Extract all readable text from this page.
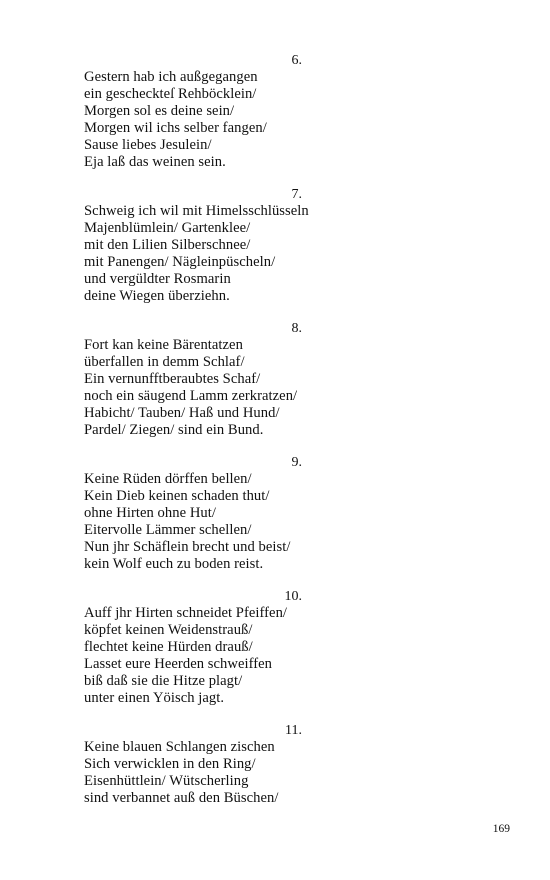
6.
Gestern hab ich außgegangen
ein gescheckteſ Rehböcklein/
Morgen sol es deine sein/
Morgen wil ichs selber fangen/
Sause liebes Jesulein/
Eja laß das weinen sein.
7.
Schweig ich wil mit Himelsschlüsseln
Majenblümlein/ Gartenklee/
mit den Lilien Silberschnee/
mit Panengen/ Nägleinpüscheln/
und vergüldter Rosmarin
deine Wiegen überziehn.
8.
Fort kan keine Bärentatzen
überfallen in demm Schlaf/
Ein vernunfftberaubtes Schaf/
noch ein säugend Lamm zerkratzen/
Habicht/ Tauben/ Haß und Hund/
Pardel/ Ziegen/ sind ein Bund.
9.
Keine Rüden dörffen bellen/
Kein Dieb keinen schaden thut/
ohne Hirten ohne Hut/
Eitervolle Lämmer schellen/
Nun jhr Schäflein brecht und beist/
kein Wolf euch zu boden reist.
10.
Auff jhr Hirten schneidet Pfeiffen/
köpfet keinen Weidenstrauß/
flechtet keine Hürden drauß/
Lasset eure Heerden schweiffen
biß daß sie die Hitze plagt/
unter einen Yöisch jagt.
11.
Keine blauen Schlangen zischen
Sich verwicklen in den Ring/
Eisenhüttlein/ Wütscherling
sind verbannet auß den Büschen/
169
